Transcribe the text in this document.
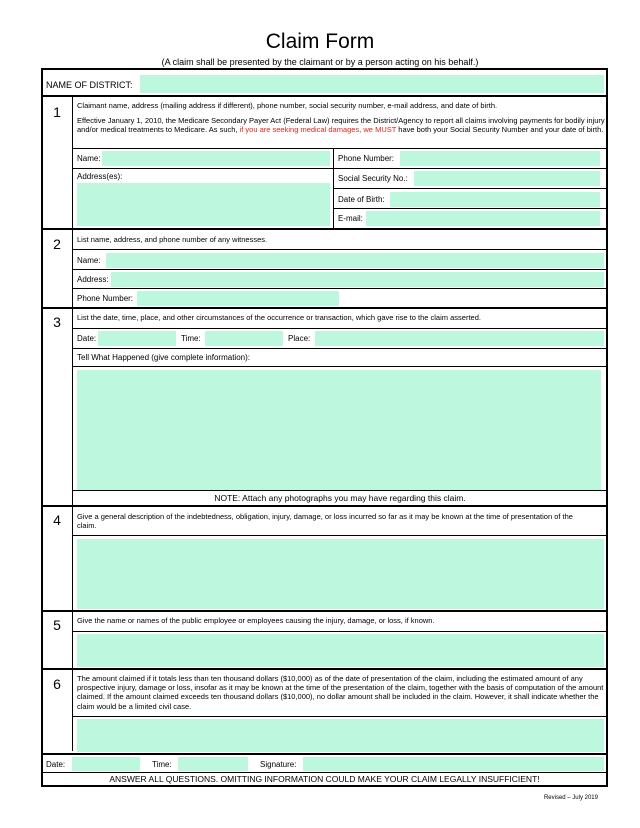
Claim Form
(A claim shall be presented by the claimant or by a person acting on his behalf.)
NAME OF DISTRICT:
1	Claimant name, address (mailing address if different), phone number, social security number, e-mail address, and date of birth.
Effective January 1, 2010, the Medicare Secondary Payer Act (Federal Law) requires the District/Agency to report all claims involving payments for bodily injury and/or medical treatments to Medicare. As such, if you are seeking medical damages, we MUST have both your Social Security Number and your date of birth.
Name:	Phone Number:
Address(es):	Social Security No.:
Date of Birth:
E-mail:
2	List name, address, and phone number of any witnesses.
Name:
Address:
Phone Number:
3	List the date, time, place, and other circumstances of the occurrence or transaction, which gave rise to the claim asserted.
Date:	Time:	Place:
Tell What Happened (give complete information):
NOTE: Attach any photographs you may have regarding this claim.
4	Give a general description of the indebtedness, obligation, injury, damage, or loss incurred so far as it may be known at the time of presentation of the claim.
5	Give the name or names of the public employee or employees causing the injury, damage, or loss, if known.
6	The amount claimed if it totals less than ten thousand dollars ($10,000) as of the date of presentation of the claim, including the estimated amount of any prospective injury, damage or loss, insofar as it may be known at the time of the presentation of the claim, together with the basis of computation of the amount claimed. If the amount claimed exceeds ten thousand dollars ($10,000), no dollar amount shall be included in the claim. However, it shall indicate whether the claim would be a limited civil case.
Date:	Time:	Signature:
ANSWER ALL QUESTIONS. OMITTING INFORMATION COULD MAKE YOUR CLAIM LEGALLY INSUFFICIENT!
Revised – July 2019
